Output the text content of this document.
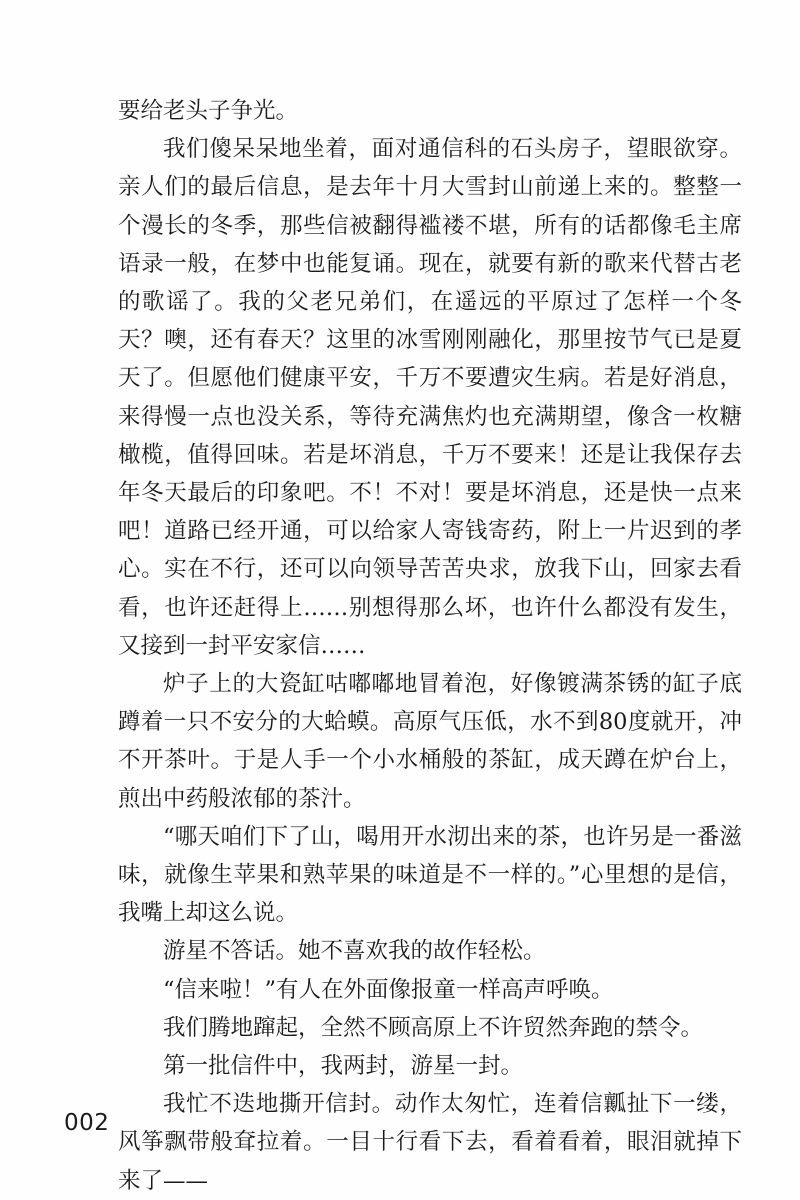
要给老头子争光。

我们傻呆呆地坐着，面对通信科的石头房子，望眼欲穿。亲人们的最后信息，是去年十月大雪封山前递上来的。整整一个漫长的冬季，那些信被翻得褴褛不堪，所有的话都像毛主席语录一般，在梦中也能复诵。现在，就要有新的歌来代替古老的歌谣了。我的父老兄弟们，在遥远的平原过了怎样一个冬天？噢，还有春天？这里的冰雪刚刚融化，那里按节气已是夏天了。但愿他们健康平安，千万不要遭灾生病。若是好消息，来得慢一点也没关系，等待充满焦灼也充满期望，像含一枚糖橄榄，值得回味。若是坏消息，千万不要来！还是让我保存去年冬天最后的印象吧。不！不对！要是坏消息，还是快一点来吧！道路已经开通，可以给家人寄钱寄药，附上一片迟到的孝心。实在不行，还可以向领导苦苦央求，放我下山，回家去看看，也许还赶得上……别想得那么坏，也许什么都没有发生，又接到一封平安家信……

炉子上的大瓷缸咕嘟嘟地冒着泡，好像镀满茶锈的缸子底蹲着一只不安分的大蛤蟆。高原气压低，水不到80度就开，冲不开茶叶。于是人手一个小水桶般的茶缸，成天蹲在炉台上，煎出中药般浓郁的茶汁。

“哪天咱们下了山，喝用开水沏出来的茶，也许另是一番滋味，就像生苹果和熟苹果的味道是不一样的。”心里想的是信，我嘴上却这么说。

游星不答话。她不喜欢我的故作轻松。

“信来啦！”有人在外面像报童一样高声呼唤。

我们腾地蹿起，全然不顾高原上不许贸然奔跑的禁令。

第一批信件中，我两封，游星一封。

我忙不迭地撕开信封。动作太匆忙，连着信瓤扯下一缕，风筝飘带般耷拉着。一目十行看下去，看着看着，眼泪就掉下来了——

002
